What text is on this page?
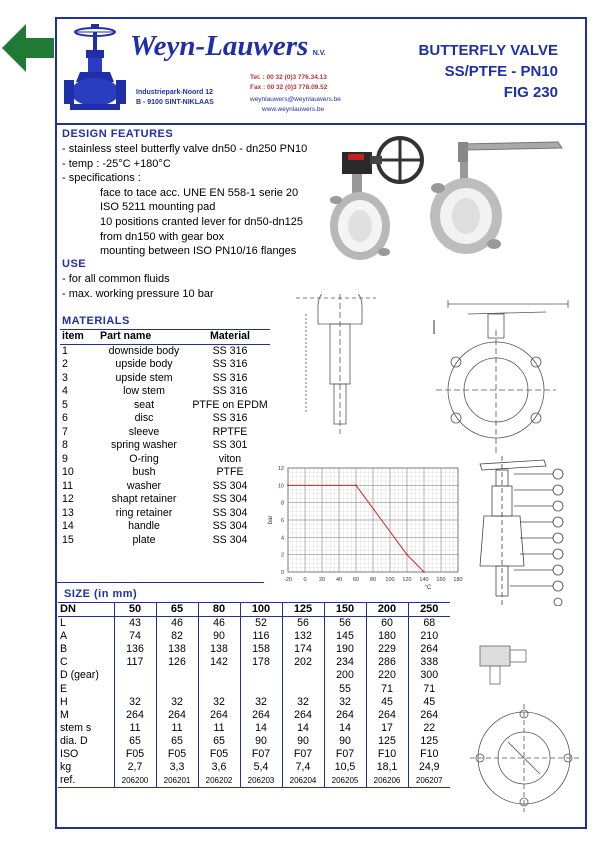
Weyn-Lauwers N.V.
Industriepark-Noord 12
B - 9100 SINT-NIKLAAS
Tel. : 00 32 (0)3 776.34.13
Fax : 00 32 (0)3 778.09.52
weynlauwers@weynlauwers.be
www.weynlauwers.be
BUTTERFLY VALVE
SS/PTFE - PN10
FIG 230
DESIGN FEATURES
- stainless steel butterfly valve dn50 - dn250 PN10
- temp : -25°C +180°C
- specifications :
face to tace acc. UNE EN 558-1 serie 20
ISO 5211 mounting pad
10 positions cranted lever for dn50-dn125
from dn150 with gear box
mounting between ISO PN10/16 flanges
USE
- for all common fluids
- max. working pressure 10 bar
MATERIALS
item	Part name	Material
1	downside body	SS 316
2	upside body	SS 316
3	upside stem	SS 316
4	low stem	SS 316
5	seat	PTFE on EPDM
6	disc	SS 316
7	sleeve	RPTFE
8	spring washer	SS 301
9	O-ring	viton
10	bush	PTFE
11	washer	SS 304
12	shapt retainer	SS 304
13	ring retainer	SS 304
14	handle	SS 304
15	plate	SS 304
-20 0 20 40 60 80 100 120 140 160 180
0
2
4
6
8
10
12
bar
°C
SIZE (in mm)
DN	50	65	80	100	125	150	200	250
L	43	46	46	52	56	56	60	68
A	74	82	90	116	132	145	180	210
B	136	138	138	158	174	190	229	264
C	117	126	142	178	202	234	286	338
D (gear)						200	220	300
E						55	71	71
H	32	32	32	32	32	32	45	45
M	264	264	264	264	264	264	264	264
stem s	11	11	11	14	14	14	17	22
dia. D	65	65	65	90	90	90	125	125
ISO	F05	F05	F05	F07	F07	F07	F10	F10
kg	2,7	3,3	3,6	5,4	7,4	10,5	18,1	24,9
ref.	206200	206201	206202	206203	206204	206205	206206	206207
